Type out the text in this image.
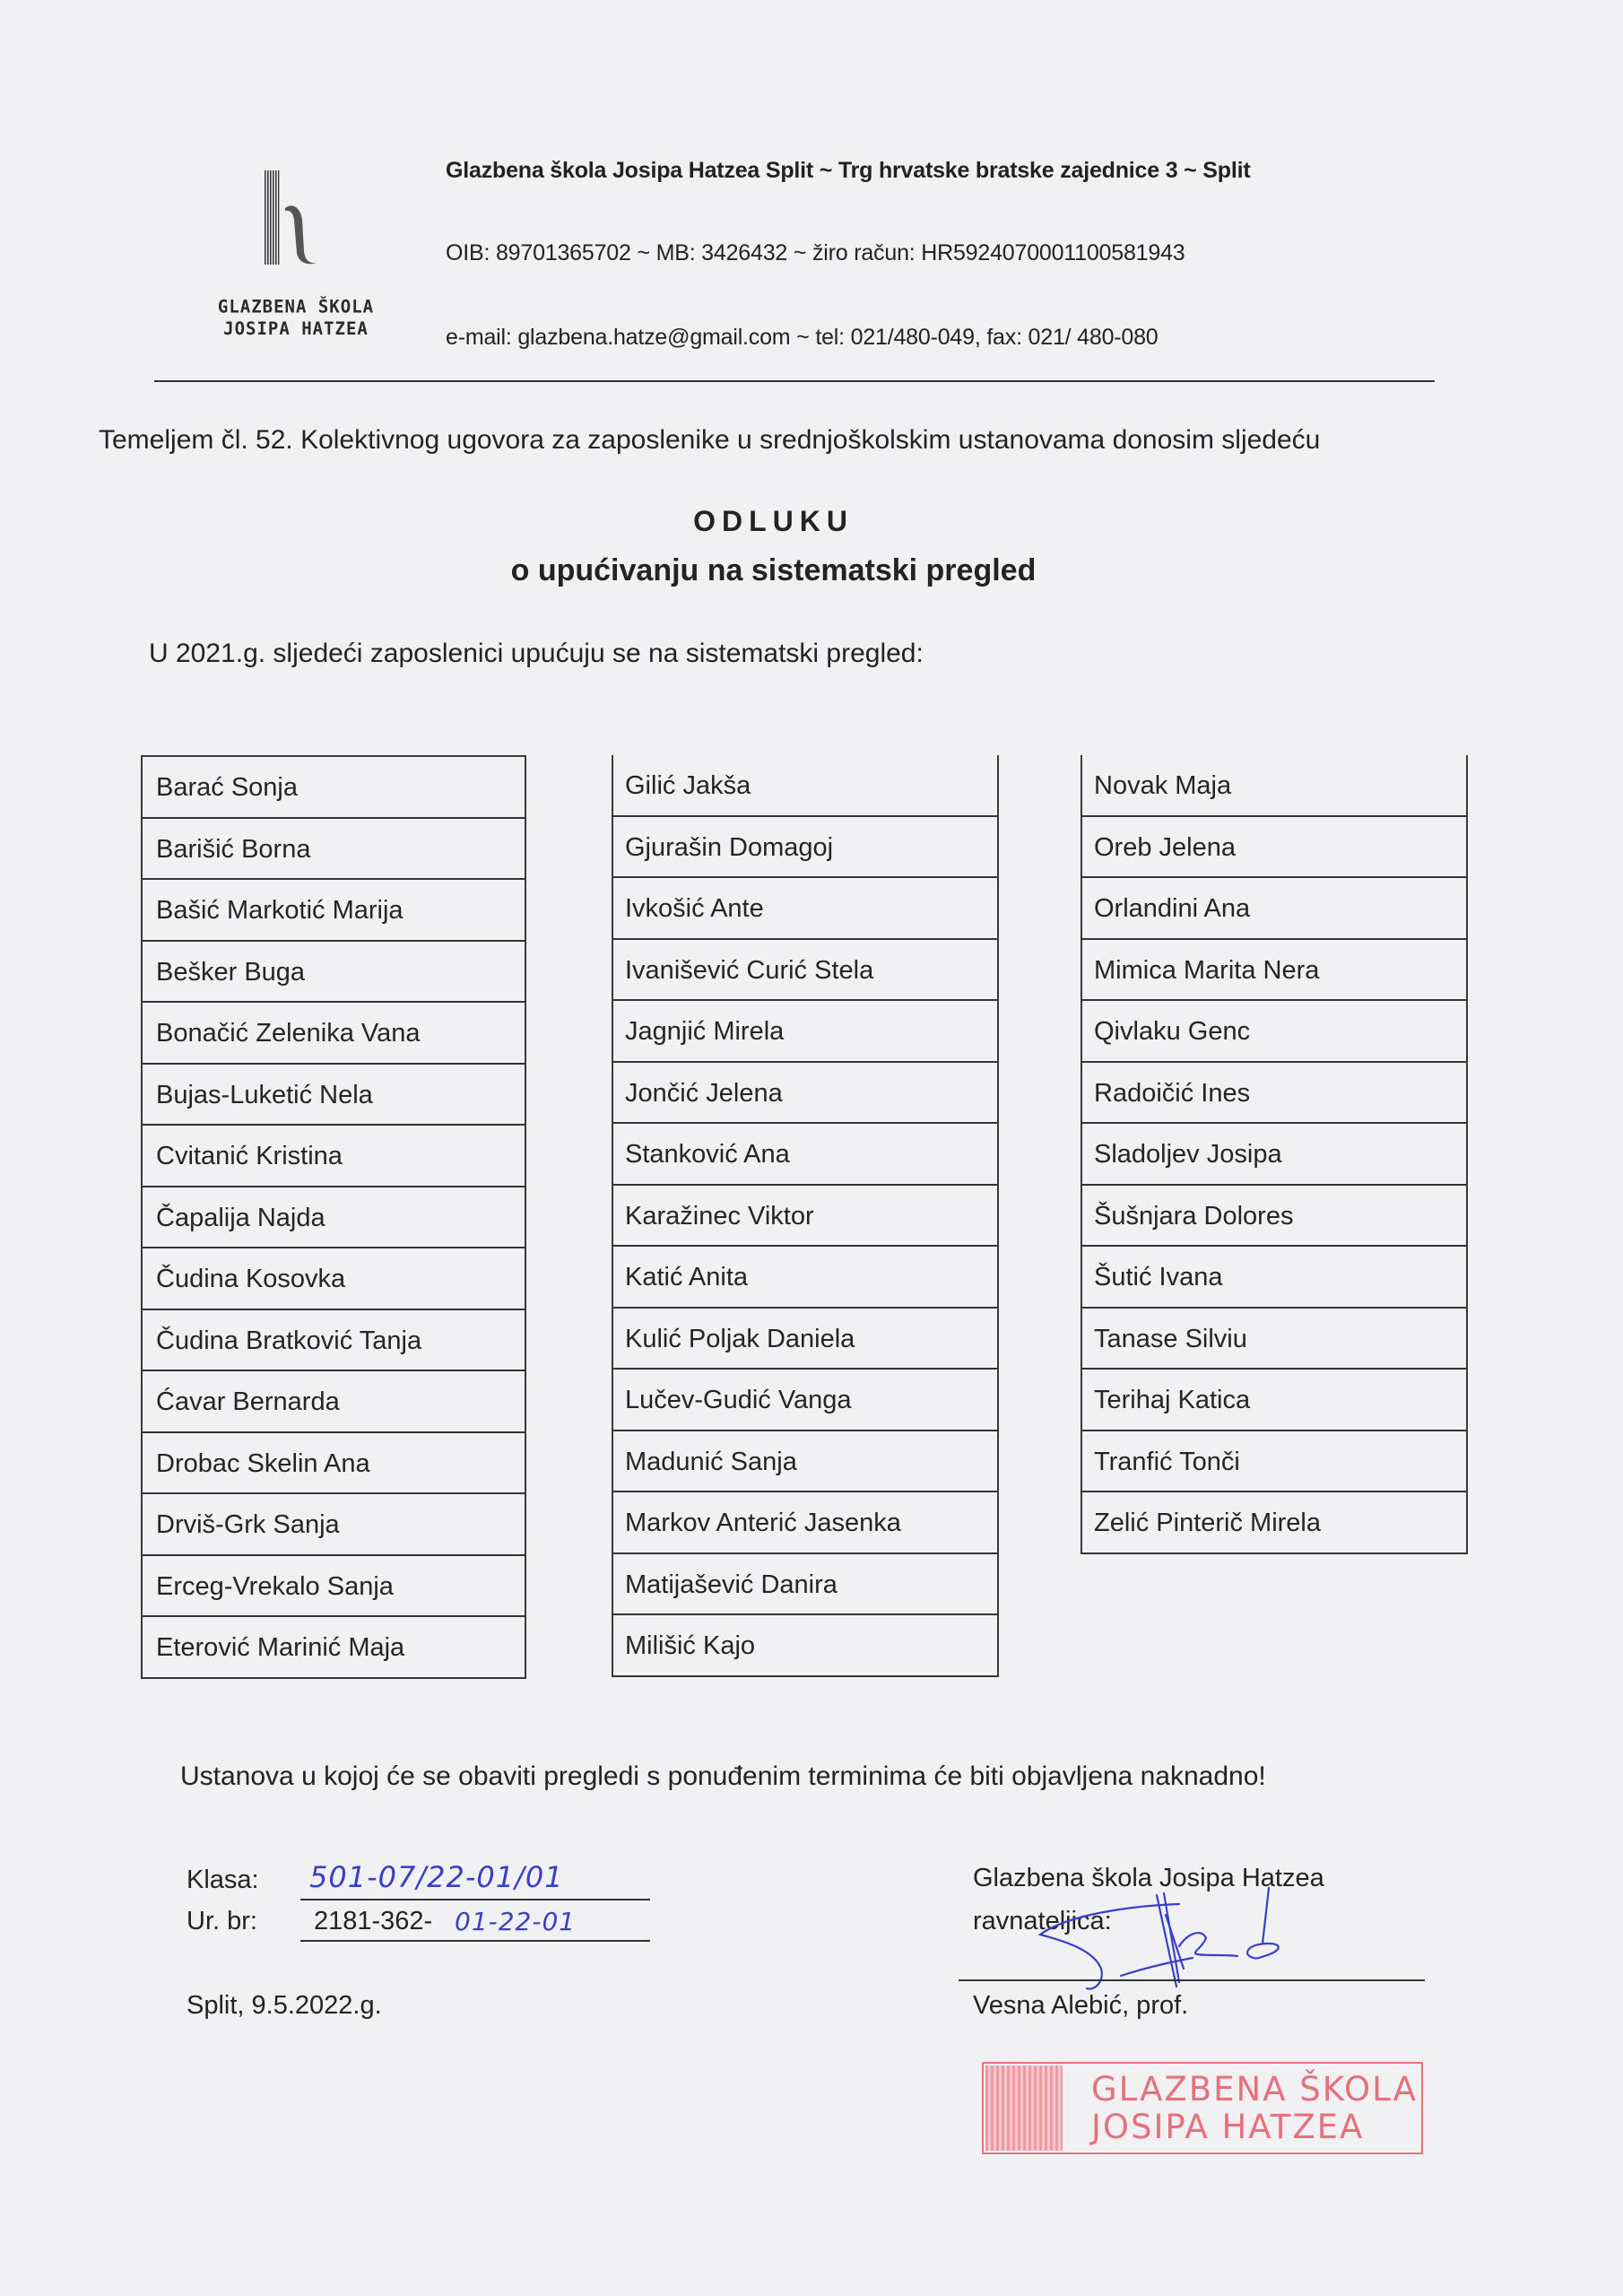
GLAZBENA ŠKOLA
JOSIPA HATZEA
Glazbena škola Josipa Hatzea Split ~ Trg hrvatske bratske zajednice 3 ~ Split
OIB: 89701365702 ~ MB: 3426432 ~ žiro račun: HR5924070001100581943
e-mail: glazbena.hatze@gmail.com ~ tel: 021/480-049, fax: 021/ 480-080
Temeljem čl. 52. Kolektivnog ugovora za zaposlenike u srednjoškolskim ustanovama donosim sljedeću
ODLUKU
o upućivanju na sistematski pregled
U 2021.g. sljedeći zaposlenici upućuju se na sistematski pregled:
Barać Sonja
Barišić Borna
Bašić Markotić Marija
Bešker Buga
Bonačić Zelenika Vana
Bujas-Luketić Nela
Cvitanić Kristina
Čapalija Najda
Čudina Kosovka
Čudina Bratković Tanja
Ćavar Bernarda
Drobac Skelin Ana
Drviš-Grk Sanja
Erceg-Vrekalo Sanja
Eterović Marinić Maja
Gilić Jakša
Gjurašin Domagoj
Ivkošić Ante
Ivanišević Curić Stela
Jagnjić Mirela
Jončić Jelena
Stanković Ana
Karažinec Viktor
Katić Anita
Kulić Poljak Daniela
Lučev-Gudić Vanga
Madunić Sanja
Markov Anterić Jasenka
Matijašević Danira
Milišić Kajo
Novak Maja
Oreb Jelena
Orlandini Ana
Mimica Marita Nera
Qivlaku Genc
Radoičić Ines
Sladoljev Josipa
Šušnjara Dolores
Šutić Ivana
Tanase Silviu
Terihaj Katica
Tranfić Tonči
Zelić Pinterič Mirela
Ustanova u kojoj će se obaviti pregledi s ponuđenim terminima će biti objavljena naknadno!
Klasa: 501-07/22-01/01
Ur. br: 2181-362- 01-22-01
Split, 9.5.2022.g.
Glazbena škola Josipa Hatzea
ravnateljica:
Vesna Alebić, prof.
GLAZBENA ŠKOLA
JOSIPA HATZEA
